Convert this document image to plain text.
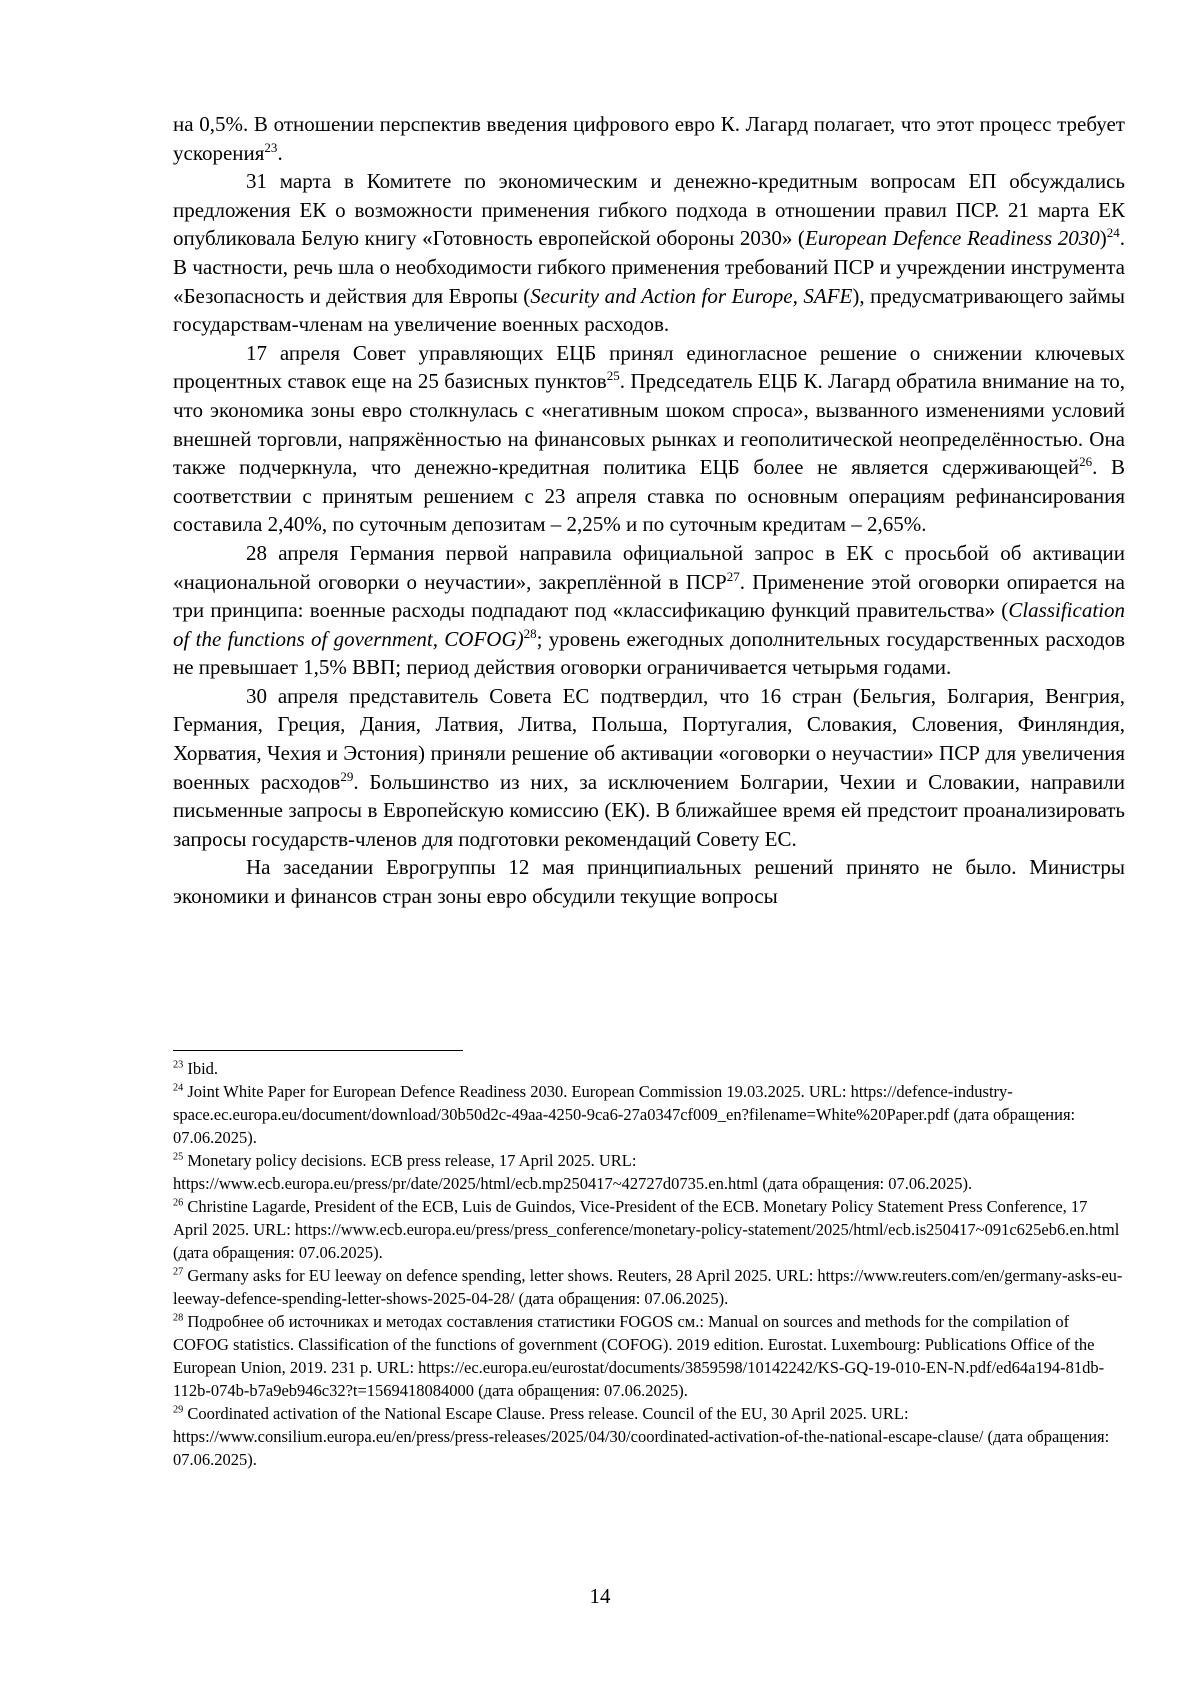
на 0,5%. В отношении перспектив введения цифрового евро К. Лагард полагает, что этот процесс требует ускорения$^{23}$.

31 марта в Комитете по экономическим и денежно-кредитным вопросам ЕП обсуждались предложения ЕК о возможности применения гибкого подхода в отношении правил ПСР. 21 марта ЕК опубликовала Белую книгу «Готовность европейской обороны 2030» (European Defence Readiness 2030)$^{24}$. В частности, речь шла о необходимости гибкого применения требований ПСР и учреждении инструмента «Безопасность и действия для Европы (Security and Action for Europe, SAFE), предусматривающего займы государствам-членам на увеличение военных расходов.

17 апреля Совет управляющих ЕЦБ принял единогласное решение о снижении ключевых процентных ставок еще на 25 базисных пунктов$^{25}$. Председатель ЕЦБ К. Лагард обратила внимание на то, что экономика зоны евро столкнулась с «негативным шоком спроса», вызванного изменениями условий внешней торговли, напряжённостью на финансовых рынках и геополитической неопределённостью. Она также подчеркнула, что денежно-кредитная политика ЕЦБ более не является сдерживающей$^{26}$. В соответствии с принятым решением с 23 апреля ставка по основным операциям рефинансирования составила 2,40%, по суточным депозитам – 2,25% и по суточным кредитам – 2,65%.

28 апреля Германия первой направила официальной запрос в ЕК с просьбой об активации «национальной оговорки о неучастии», закреплённой в ПСР$^{27}$. Применение этой оговорки опирается на три принципа: военные расходы подпадают под «классификацию функций правительства» (Classification of the functions of government, COFOG)$^{28}$; уровень ежегодных дополнительных государственных расходов не превышает 1,5% ВВП; период действия оговорки ограничивается четырьмя годами.

30 апреля представитель Совета ЕС подтвердил, что 16 стран (Бельгия, Болгария, Венгрия, Германия, Греция, Дания, Латвия, Литва, Польша, Португалия, Словакия, Словения, Финляндия, Хорватия, Чехия и Эстония) приняли решение об активации «оговорки о неучастии» ПСР для увеличения военных расходов$^{29}$. Большинство из них, за исключением Болгарии, Чехии и Словакии, направили письменные запросы в Европейскую комиссию (ЕК). В ближайшее время ей предстоит проанализировать запросы государств-членов для подготовки рекомендаций Совету ЕС.

На заседании Еврогруппы 12 мая принципиальных решений принято не было. Министры экономики и финансов стран зоны евро обсудили текущие вопросы

$^{23}$ Ibid.

$^{24}$ Joint White Paper for European Defence Readiness 2030. European Commission 19.03.2025. URL: https://defence-industry-space.ec.europa.eu/document/download/30b50d2c-49aa-4250-9ca6-27a0347cf009_en?filename=White%20Paper.pdf (дата обращения: 07.06.2025).

$^{25}$ Monetary policy decisions. ECB press release, 17 April 2025. URL: https://www.ecb.europa.eu/press/pr/date/2025/html/ecb.mp250417~42727d0735.en.html (дата обращения: 07.06.2025).

$^{26}$ Christine Lagarde, President of the ECB, Luis de Guindos, Vice-President of the ECB. Monetary Policy Statement Press Conference, 17 April 2025. URL: https://www.ecb.europa.eu/press/press_conference/monetary-policy-statement/2025/html/ecb.is250417~091c625eb6.en.html (дата обращения: 07.06.2025).

$^{27}$ Germany asks for EU leeway on defence spending, letter shows. Reuters, 28 April 2025. URL: https://www.reuters.com/en/germany-asks-eu-leeway-defence-spending-letter-shows-2025-04-28/ (дата обращения: 07.06.2025).

$^{28}$ Подробнее об источниках и методах составления статистики FOGOS см.: Manual on sources and methods for the compilation of COFOG statistics. Classification of the functions of government (COFOG). 2019 edition. Eurostat. Luxembourg: Publications Office of the European Union, 2019. 231 p. URL: https://ec.europa.eu/eurostat/documents/3859598/10142242/KS-GQ-19-010-EN-N.pdf/ed64a194-81db-112b-074b-b7a9eb946c32?t=1569418084000 (дата обращения: 07.06.2025).

$^{29}$ Coordinated activation of the National Escape Clause. Press release. Council of the EU, 30 April 2025. URL: https://www.consilium.europa.eu/en/press/press-releases/2025/04/30/coordinated-activation-of-the-national-escape-clause/ (дата обращения: 07.06.2025).

14
